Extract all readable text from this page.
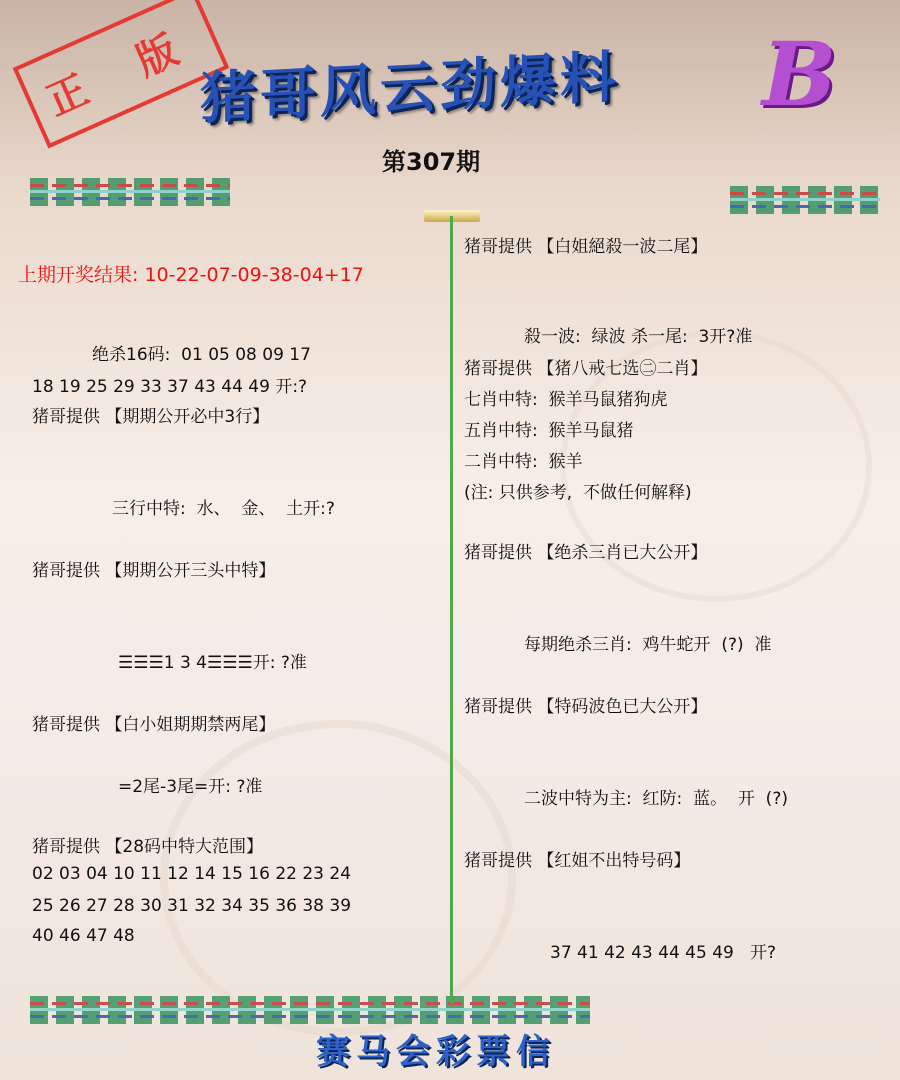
正 版
猪哥风云劲爆料 B
第307期
上期开奖结果: 10-22-07-09-38-04+17
绝杀16码:  01 05 08 09 17
18 19 25 29 33 37 43 44 49 开:?
猪哥提供 【期期公开必中3行】
三行中特:  水、  金、  土开:?
猪哥提供 【期期公开三头中特】
☰☰☰1 3 4☰☰☰开: ?准
猪哥提供 【白小姐期期禁两尾】
=2尾-3尾=开: ?准
猪哥提供 【28码中特大范围】
02 03 04 10 11 12 14 15 16 22 23 24
25 26 27 28 30 31 32 34 35 36 38 39
40 46 47 48
猪哥提供 【白姐絕殺一波二尾】
殺一波:  绿波 杀一尾:  3开?准
猪哥提供 【猪八戒七选㊁二肖】
七肖中特:  猴羊马鼠猪狗虎
五肖中特:  猴羊马鼠猪
二肖中特:  猴羊
(注: 只供参考,  不做任何解释)
猪哥提供 【绝杀三肖已大公开】
每期绝杀三肖:  鸡牛蛇开  (?)  准
猪哥提供 【特码波色已大公开】
二波中特为主:  红防:  蓝。  开  (?)
猪哥提供 【红姐不出特号码】
37 41 42 43 44 45 49   开?
赛马会彩票信
